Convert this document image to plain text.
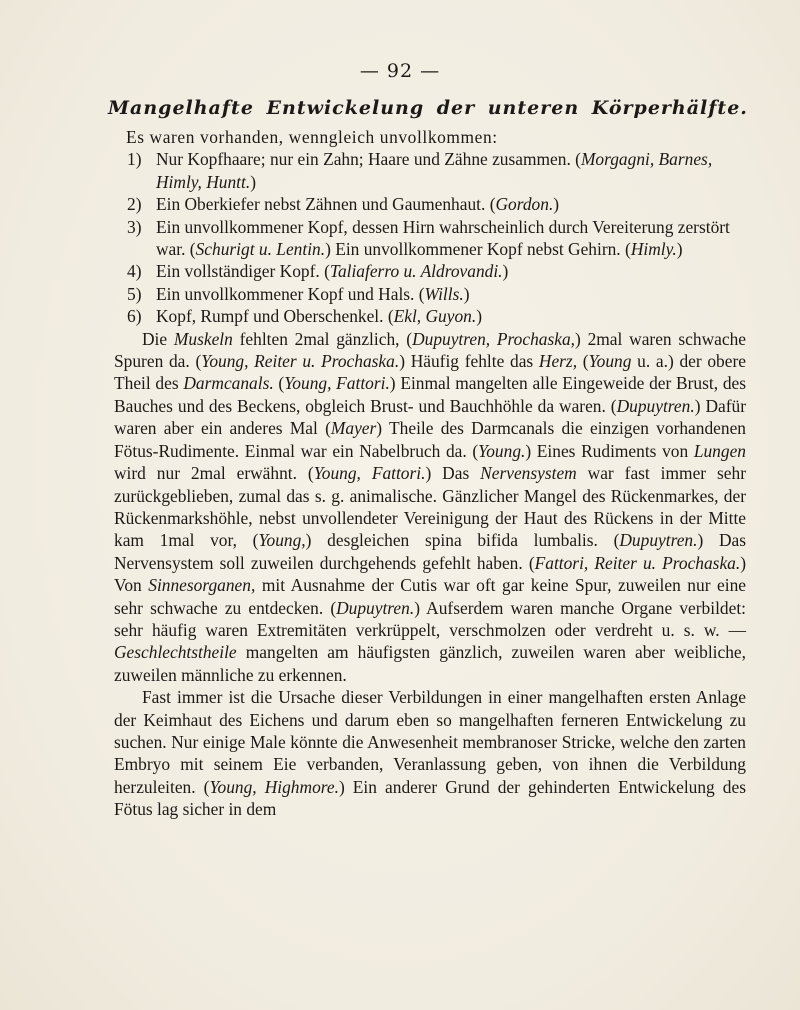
— 92 —
Mangelhafte Entwickelung der unteren Körperhälfte.

Es waren vorhanden, wenngleich unvollkommen:

1) Nur Kopfhaare; nur ein Zahn; Haare und Zähne zusammen. (Morgagni, Barnes, Himly, Huntt.)
2) Ein Oberkiefer nebst Zähnen und Gaumenhaut. (Gordon.)
3) Ein unvollkommener Kopf, dessen Hirn wahrscheinlich durch Vereiterung zerstört war. (Schurigt u. Lentin.) Ein unvollkommener Kopf nebst Gehirn. (Himly.)
4) Ein vollständiger Kopf. (Taliaferro u. Aldrovandi.)
5) Ein unvollkommener Kopf und Hals. (Wills.)
6) Kopf, Rumpf und Oberschenkel. (Ekl, Guyon.)

Die Muskeln fehlten 2mal gänzlich, (Dupuytren, Prochaska,) 2mal waren schwache Spuren da. (Young, Reiter u. Prochaska.) Häufig fehlte das Herz, (Young u. a.) der obere Theil des Darmcanals. (Young, Fattori.) Einmal mangelten alle Eingeweide der Brust, des Bauches und des Beckens, obgleich Brust- und Bauchhöhle da waren. (Dupuytren.) Dafür waren aber ein anderes Mal (Mayer) Theile des Darmcanals die einzigen vorhandenen Fötus-Rudimente. Einmal war ein Nabelbruch da. (Young.) Eines Rudiments von Lungen wird nur 2mal erwähnt. (Young, Fattori.) Das Nervensystem war fast immer sehr zurückgeblieben, zumal das s. g. animalische. Gänzlicher Mangel des Rückenmarkes, der Rückenmarkshöhle, nebst unvollendeter Vereinigung der Haut des Rückens in der Mitte kam 1mal vor, (Young,) desgleichen spina bifida lumbalis. (Dupuytren.) Das Nervensystem soll zuweilen durchgehends gefehlt haben. (Fattori, Reiter u. Prochaska.) Von Sinnesorganen, mit Ausnahme der Cutis war oft gar keine Spur, zuweilen nur eine sehr schwache zu entdecken. (Dupuytren.) Aufserdem waren manche Organe verbildet: sehr häufig waren Extremitäten verkrüppelt, verschmolzen oder verdreht u. s. w. — Geschlechtstheile mangelten am häufigsten gänzlich, zuweilen waren aber weibliche, zuweilen männliche zu erkennen.

Fast immer ist die Ursache dieser Verbildungen in einer mangelhaften ersten Anlage der Keimhaut des Eichens und darum eben so mangelhaften ferneren Entwickelung zu suchen. Nur einige Male könnte die Anwesenheit membranoser Stricke, welche den zarten Embryo mit seinem Eie verbanden, Veranlassung geben, von ihnen die Verbildung herzuleiten. (Young, Highmore.) Ein anderer Grund der gehinderten Entwickelung des Fötus lag sicher in dem
